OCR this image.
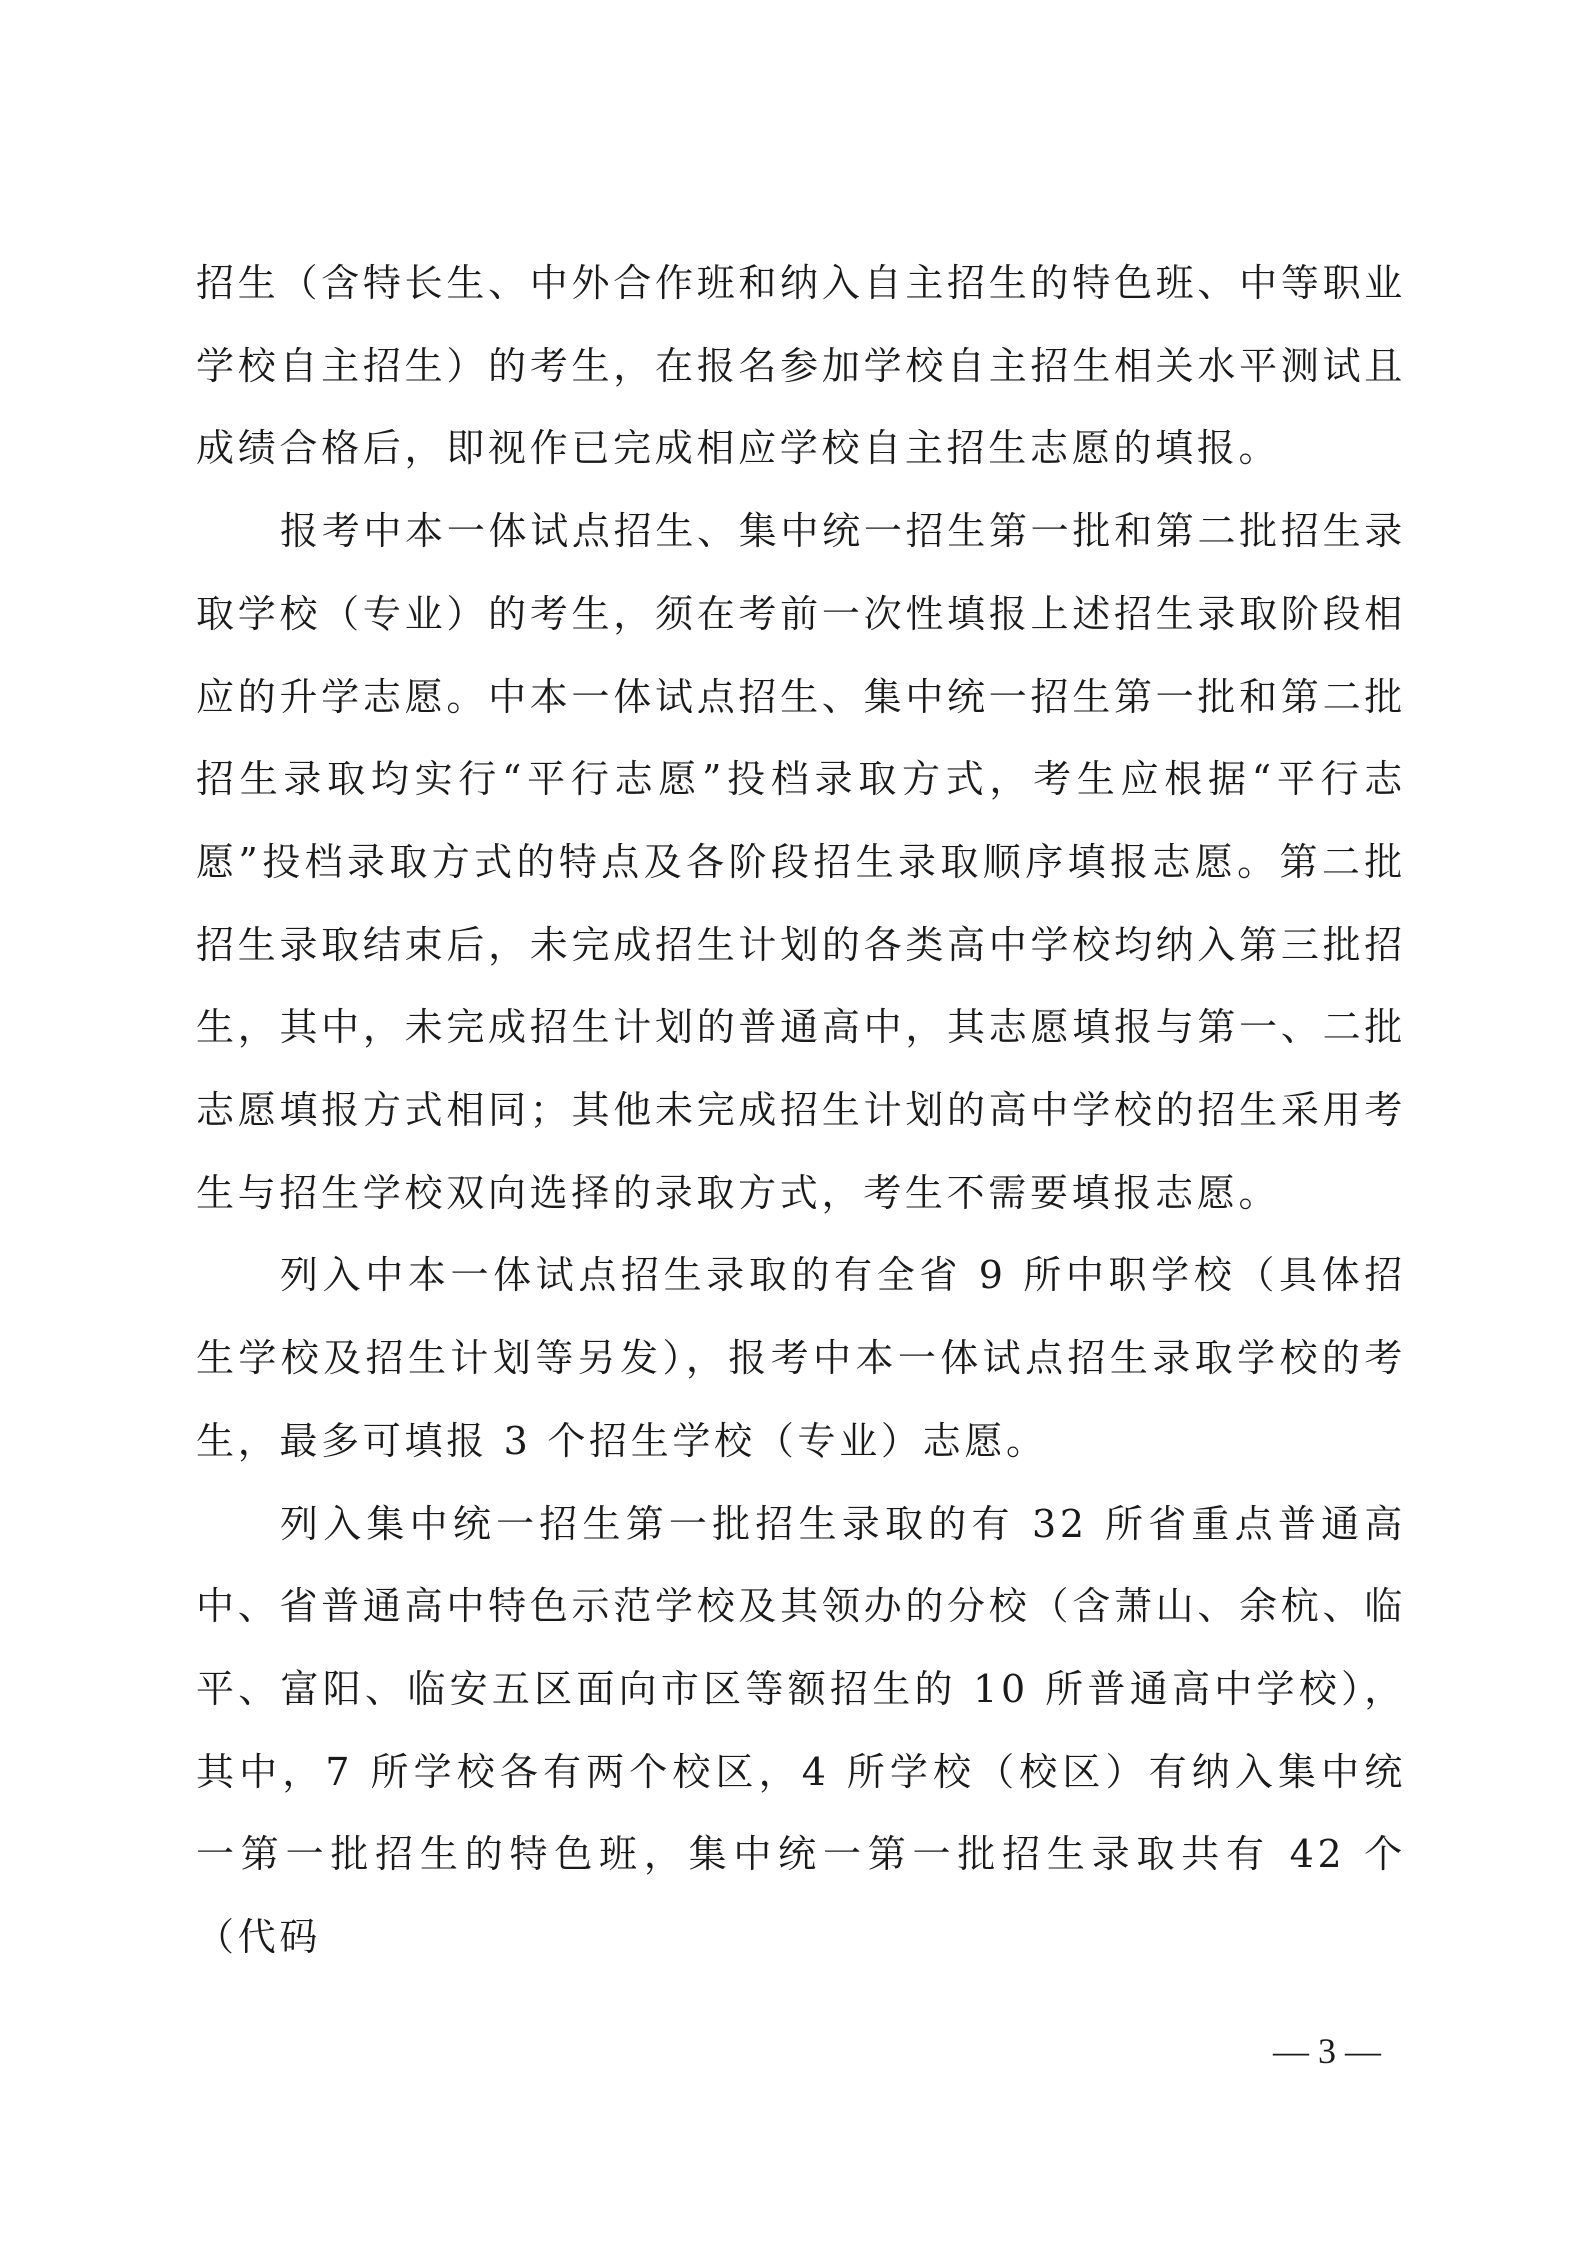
招生（含特长生、中外合作班和纳入自主招生的特色班、中等职业学校自主招生）的考生，在报名参加学校自主招生相关水平测试且成绩合格后，即视作已完成相应学校自主招生志愿的填报。

报考中本一体试点招生、集中统一招生第一批和第二批招生录取学校（专业）的考生，须在考前一次性填报上述招生录取阶段相应的升学志愿。中本一体试点招生、集中统一招生第一批和第二批招生录取均实行“平行志愿”投档录取方式，考生应根据“平行志愿”投档录取方式的特点及各阶段招生录取顺序填报志愿。第二批招生录取结束后，未完成招生计划的各类高中学校均纳入第三批招生，其中，未完成招生计划的普通高中，其志愿填报与第一、二批志愿填报方式相同；其他未完成招生计划的高中学校的招生采用考生与招生学校双向选择的录取方式，考生不需要填报志愿。

列入中本一体试点招生录取的有全省 9 所中职学校（具体招生学校及招生计划等另发），报考中本一体试点招生录取学校的考生，最多可填报 3 个招生学校（专业）志愿。

列入集中统一招生第一批招生录取的有 32 所省重点普通高中、省普通高中特色示范学校及其领办的分校（含萧山、余杭、临平、富阳、临安五区面向市区等额招生的 10 所普通高中学校），其中，7 所学校各有两个校区，4 所学校（校区）有纳入集中统一第一批招生的特色班，集中统一第一批招生录取共有 42 个（代码

— 3 —
